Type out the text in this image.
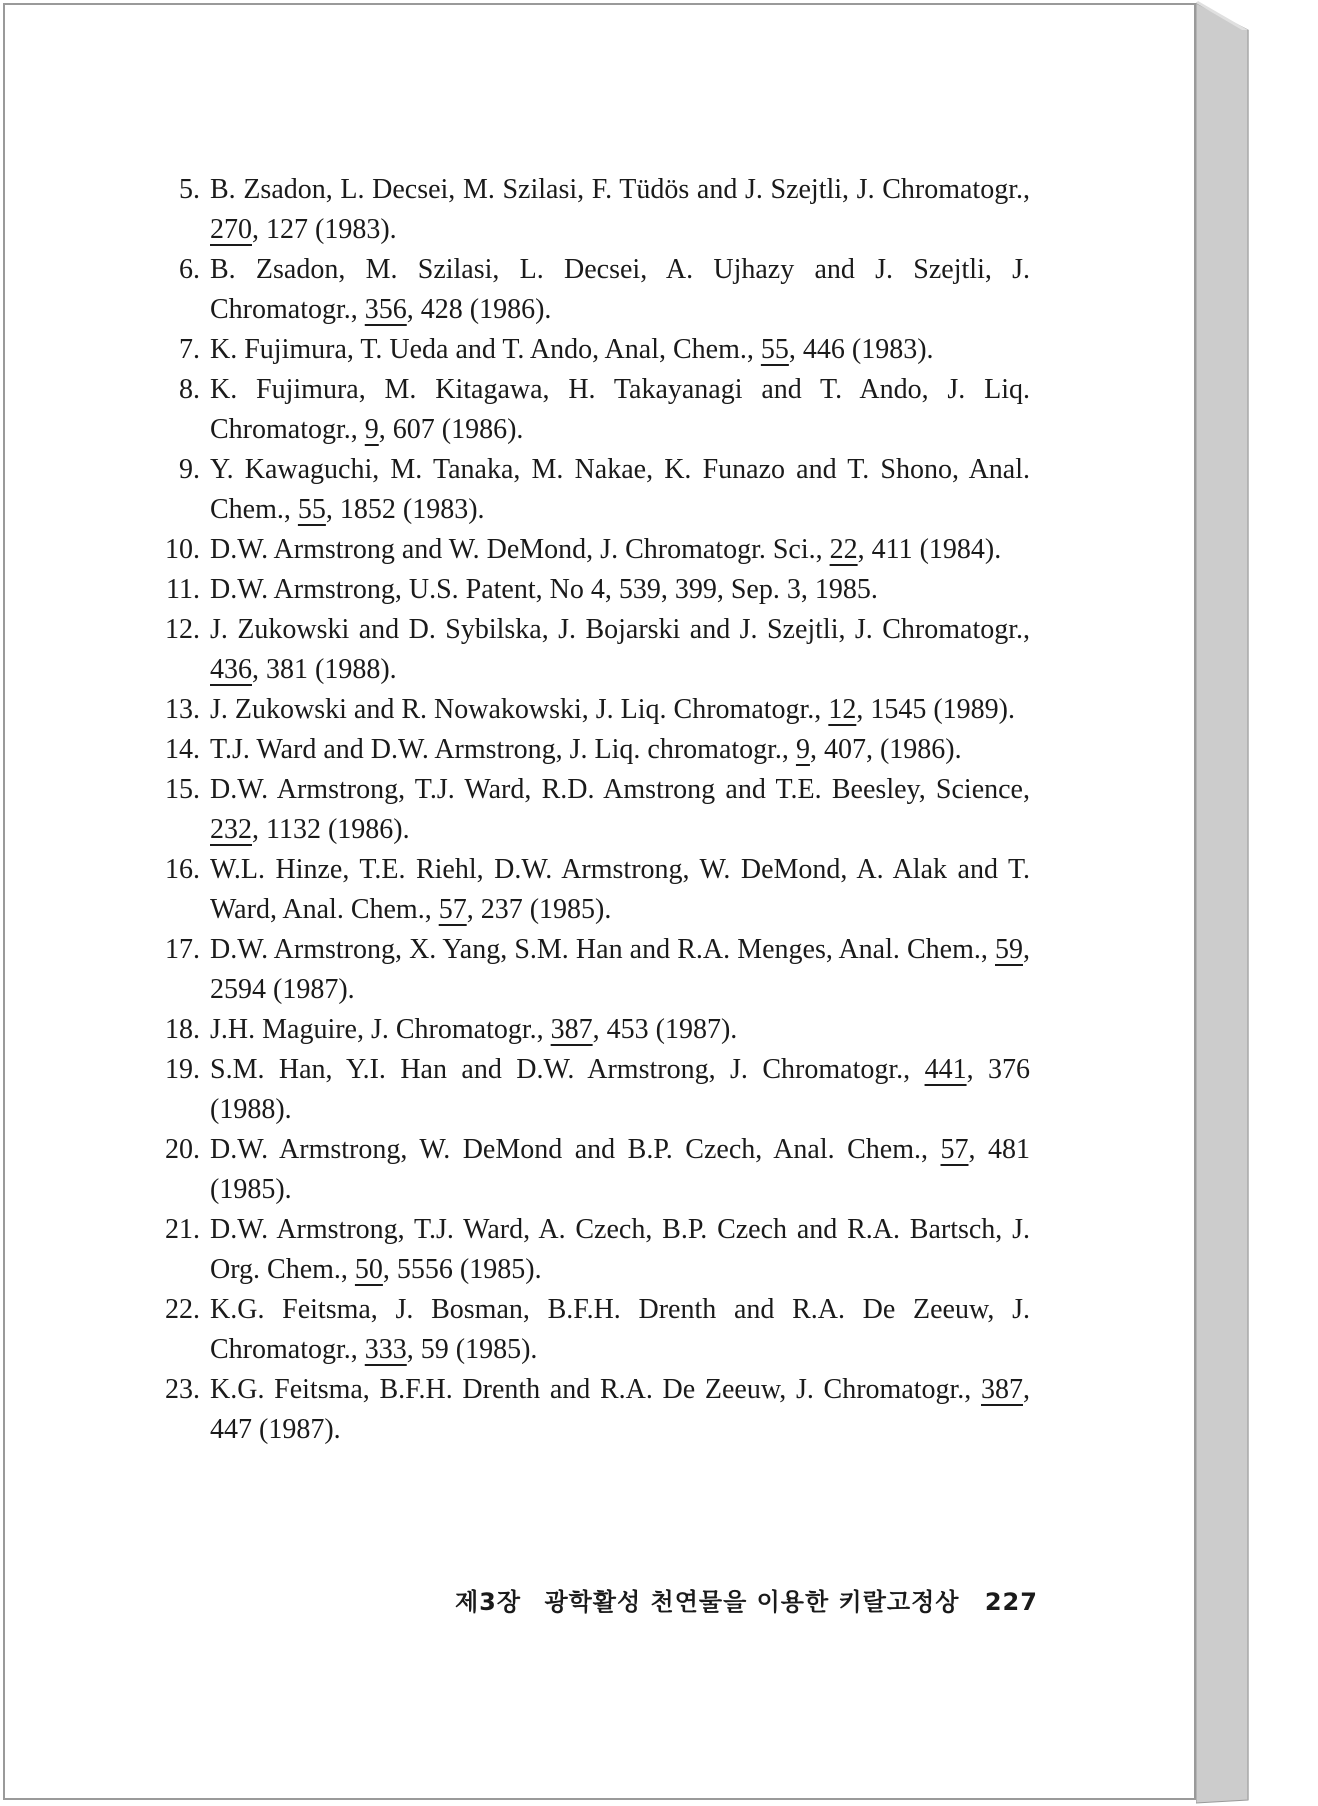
5. B. Zsadon, L. Decsei, M. Szilasi, F. Tüdös and J. Szejtli, J. Chromatogr., 270, 127 (1983).
6. B. Zsadon, M. Szilasi, L. Decsei, A. Ujhazy and J. Szejtli, J. Chromatogr., 356, 428 (1986).
7. K. Fujimura, T. Ueda and T. Ando, Anal, Chem., 55, 446 (1983).
8. K. Fujimura, M. Kitagawa, H. Takayanagi and T. Ando, J. Liq. Chromatogr., 9, 607 (1986).
9. Y. Kawaguchi, M. Tanaka, M. Nakae, K. Funazo and T. Shono, Anal. Chem., 55, 1852 (1983).
10. D.W. Armstrong and W. DeMond, J. Chromatogr. Sci., 22, 411 (1984).
11. D.W. Armstrong, U.S. Patent, No 4, 539, 399, Sep. 3, 1985.
12. J. Zukowski and D. Sybilska, J. Bojarski and J. Szejtli, J. Chromatogr., 436, 381 (1988).
13. J. Zukowski and R. Nowakowski, J. Liq. Chromatogr., 12, 1545 (1989).
14. T.J. Ward and D.W. Armstrong, J. Liq. chromatogr., 9, 407, (1986).
15. D.W. Armstrong, T.J. Ward, R.D. Amstrong and T.E. Beesley, Science, 232, 1132 (1986).
16. W.L. Hinze, T.E. Riehl, D.W. Armstrong, W. DeMond, A. Alak and T. Ward, Anal. Chem., 57, 237 (1985).
17. D.W. Armstrong, X. Yang, S.M. Han and R.A. Menges, Anal. Chem., 59, 2594 (1987).
18. J.H. Maguire, J. Chromatogr., 387, 453 (1987).
19. S.M. Han, Y.I. Han and D.W. Armstrong, J. Chromatogr., 441, 376 (1988).
20. D.W. Armstrong, W. DeMond and B.P. Czech, Anal. Chem., 57, 481 (1985).
21. D.W. Armstrong, T.J. Ward, A. Czech, B.P. Czech and R.A. Bartsch, J. Org. Chem., 50, 5556 (1985).
22. K.G. Feitsma, J. Bosman, B.F.H. Drenth and R.A. De Zeeuw, J. Chromatogr., 333, 59 (1985).
23. K.G. Feitsma, B.F.H. Drenth and R.A. De Zeeuw, J. Chromatogr., 387, 447 (1987).
제3장 광학활성 천연물을 이용한 키랄고정상 227
